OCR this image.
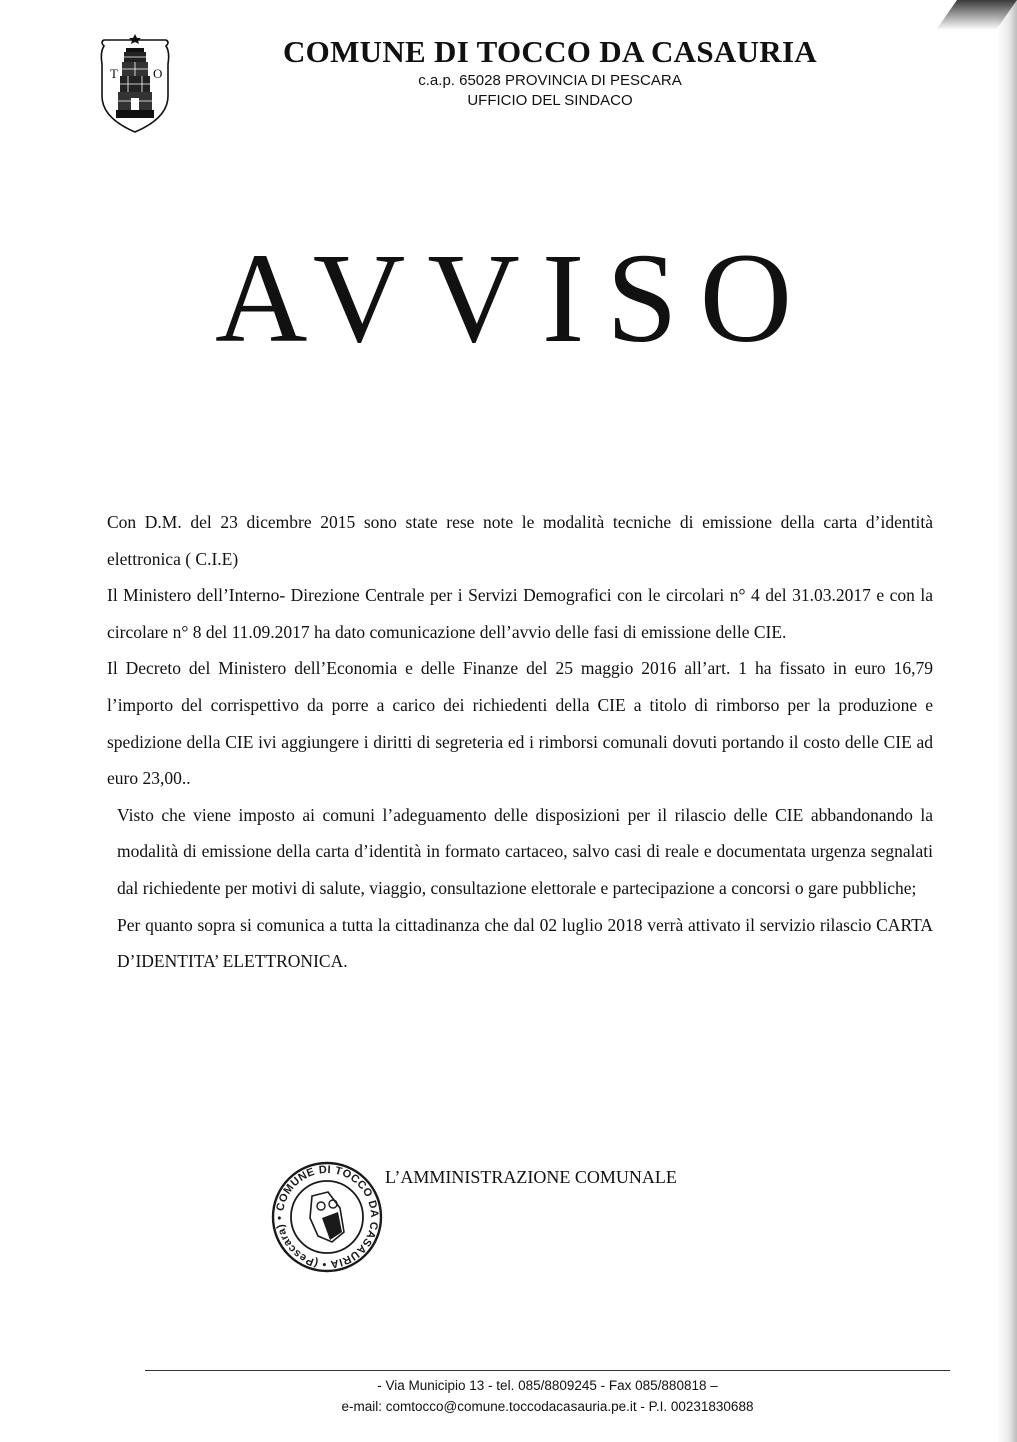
T	O
COMUNE DI TOCCO DA CASAURIA
c.a.p. 65028 PROVINCIA DI PESCARA
UFFICIO DEL SINDACO
AVVISO

Con D.M. del 23 dicembre 2015 sono state rese note le modalità tecniche di emissione della carta d’identità elettronica ( C.I.E)

Il Ministero dell’Interno- Direzione Centrale per i Servizi Demografici con le circolari n° 4 del 31.03.2017 e con la circolare n° 8 del 11.09.2017 ha dato comunicazione dell’avvio delle fasi di emissione delle CIE.

Il Decreto del Ministero dell’Economia e delle Finanze del 25 maggio 2016 all’art. 1 ha fissato in euro 16,79 l’importo del corrispettivo da porre a carico dei richiedenti della CIE a titolo di rimborso per la produzione e spedizione della CIE ivi aggiungere i diritti di segreteria ed i rimborsi comunali dovuti portando il costo delle CIE ad euro 23,00..

Visto che viene imposto ai comuni l’adeguamento delle disposizioni per il rilascio delle CIE abbandonando la modalità di emissione della carta d’identità in formato cartaceo, salvo casi di reale e documentata urgenza segnalati dal richiedente per motivi di salute, viaggio, consultazione elettorale e partecipazione a concorsi o gare pubbliche;

Per quanto sopra si comunica a tutta la cittadinanza che dal 02 luglio 2018 verrà attivato il servizio rilascio CARTA D’IDENTITA’ ELETTRONICA.

COMUNE DI TOCCO DA CASAURIA • (Pescara) •
L’AMMINISTRAZIONE COMUNALE
- Via Municipio 13 - tel. 085/8809245 - Fax 085/880818 –
e-mail: comtocco@comune.toccodacasauria.pe.it - P.I. 00231830688
